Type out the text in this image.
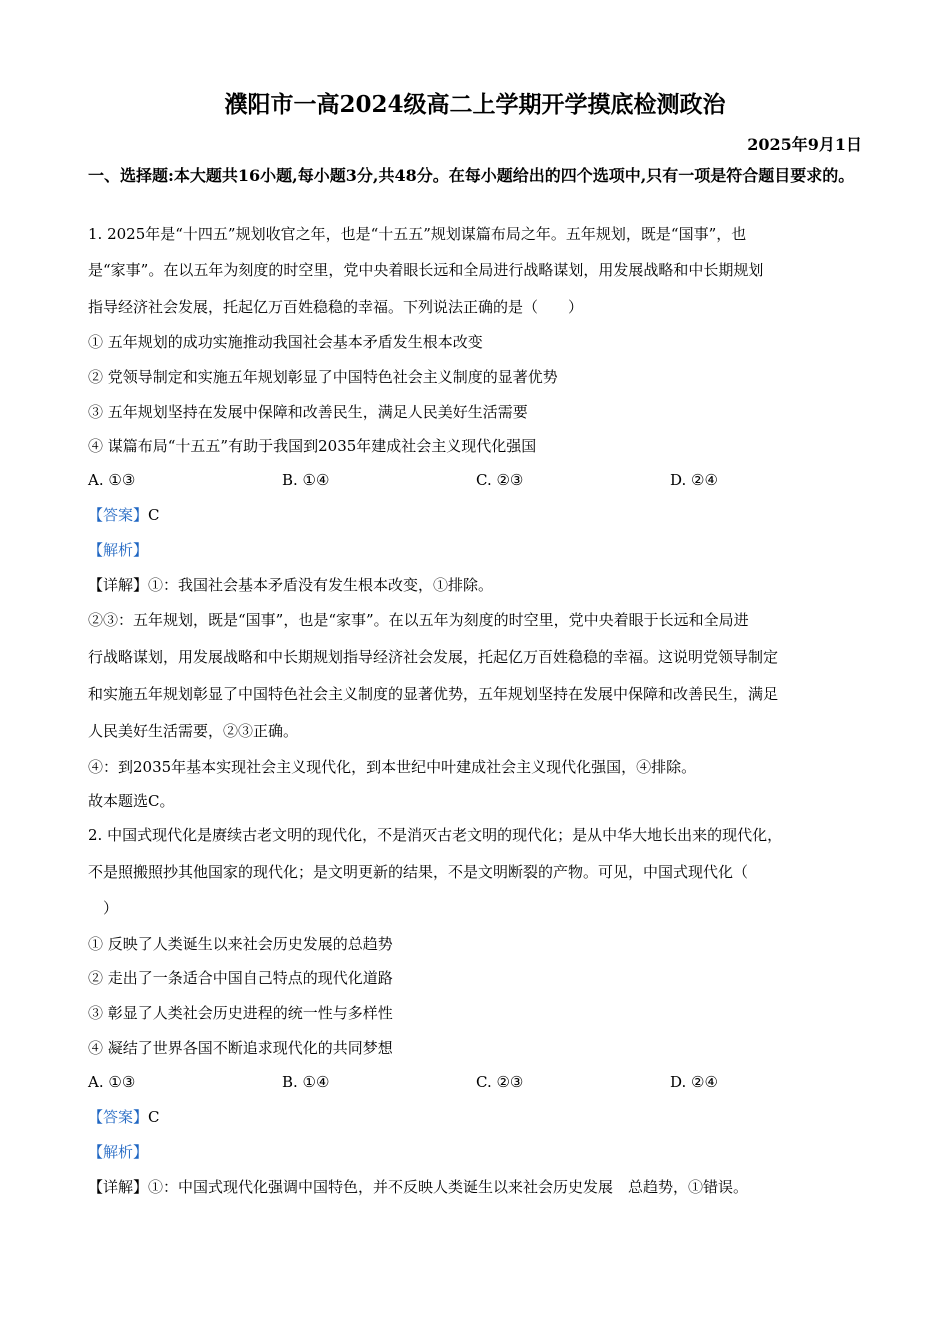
濮阳市一高2024级高二上学期开学摸底检测政治
2025年9月1日
一、选择题:本大题共16小题,每小题3分,共48分。在每小题给出的四个选项中,只有一项是符合题目要求的。
1. 2025年是“十四五”规划收官之年，也是“十五五”规划谋篇布局之年。五年规划，既是“国事”，也
是“家事”。在以五年为刻度的时空里，党中央着眼长远和全局进行战略谋划，用发展战略和中长期规划
指导经济社会发展，托起亿万百姓稳稳的幸福。下列说法正确的是（　　）
① 五年规划的成功实施推动我国社会基本矛盾发生根本改变
② 党领导制定和实施五年规划彰显了中国特色社会主义制度的显著优势
③ 五年规划坚持在发展中保障和改善民生，满足人民美好生活需要
④ 谋篇布局“十五五”有助于我国到2035年建成社会主义现代化强国
A. ①③	B. ①④	C. ②③	D. ②④
【答案】C
【解析】
【详解】①：我国社会基本矛盾没有发生根本改变，①排除。
②③：五年规划，既是“国事”，也是“家事”。在以五年为刻度的时空里，党中央着眼于长远和全局进
行战略谋划，用发展战略和中长期规划指导经济社会发展，托起亿万百姓稳稳的幸福。这说明党领导制定
和实施五年规划彰显了中国特色社会主义制度的显著优势，五年规划坚持在发展中保障和改善民生，满足
人民美好生活需要，②③正确。
④：到2035年基本实现社会主义现代化，到本世纪中叶建成社会主义现代化强国，④排除。
故本题选C。
2. 中国式现代化是赓续古老文明的现代化，不是消灭古老文明的现代化；是从中华大地长出来的现代化，
不是照搬照抄其他国家的现代化；是文明更新的结果，不是文明断裂的产物。可见，中国式现代化（
　）
① 反映了人类诞生以来社会历史发展的总趋势
② 走出了一条适合中国自己特点的现代化道路
③ 彰显了人类社会历史进程的统一性与多样性
④ 凝结了世界各国不断追求现代化的共同梦想
A. ①③	B. ①④	C. ②③	D. ②④
【答案】C
【解析】
【详解】①：中国式现代化强调中国特色，并不反映人类诞生以来社会历史发展　总趋势，①错误。
